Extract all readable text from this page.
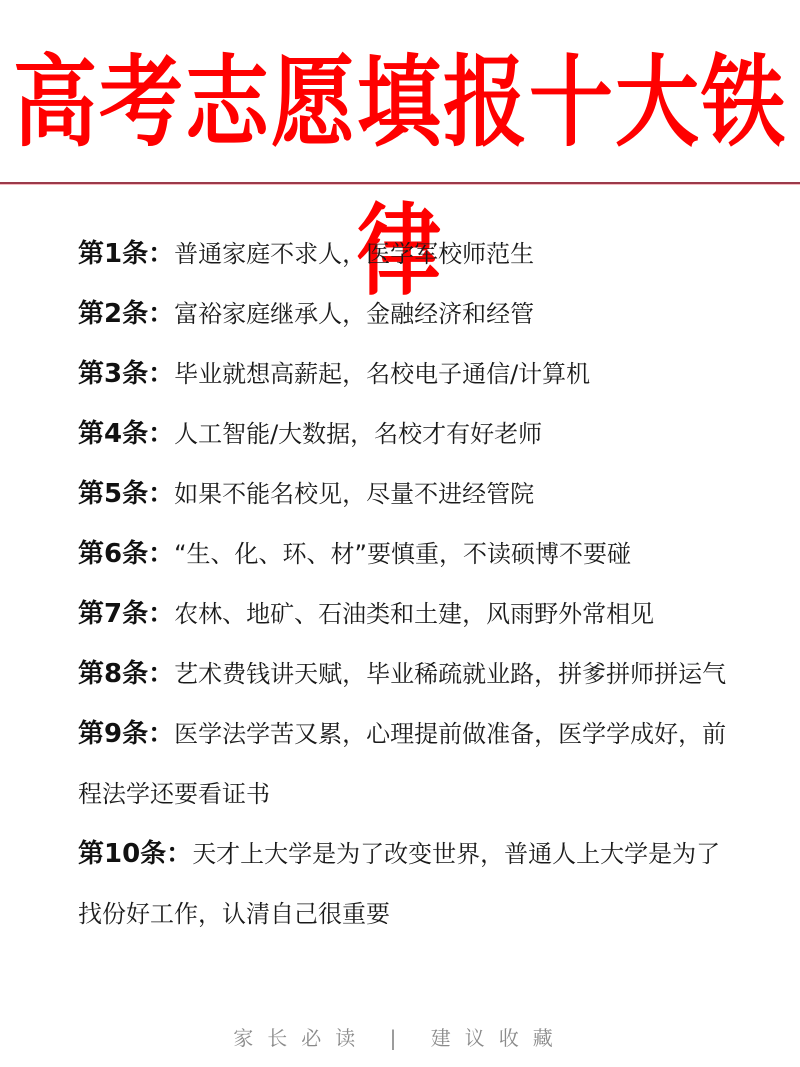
高考志愿填报十大铁律

第1条：普通家庭不求人，医学军校师范生

第2条：富裕家庭继承人，金融经济和经管

第3条：毕业就想高薪起，名校电子通信/计算机

第4条：人工智能/大数据，名校才有好老师

第5条：如果不能名校见，尽量不进经管院

第6条：“生、化、环、材”要慎重，不读硕博不要碰

第7条：农林、地矿、石油类和土建，风雨野外常相见

第8条：艺术费钱讲天赋，毕业稀疏就业路，拼爹拼师拼运气

第9条：医学法学苦又累，心理提前做准备，医学学成好，前程法学还要看证书

第10条：天才上大学是为了改变世界，普通人上大学是为了找份好工作，认清自己很重要

家长必读 | 建议收藏
